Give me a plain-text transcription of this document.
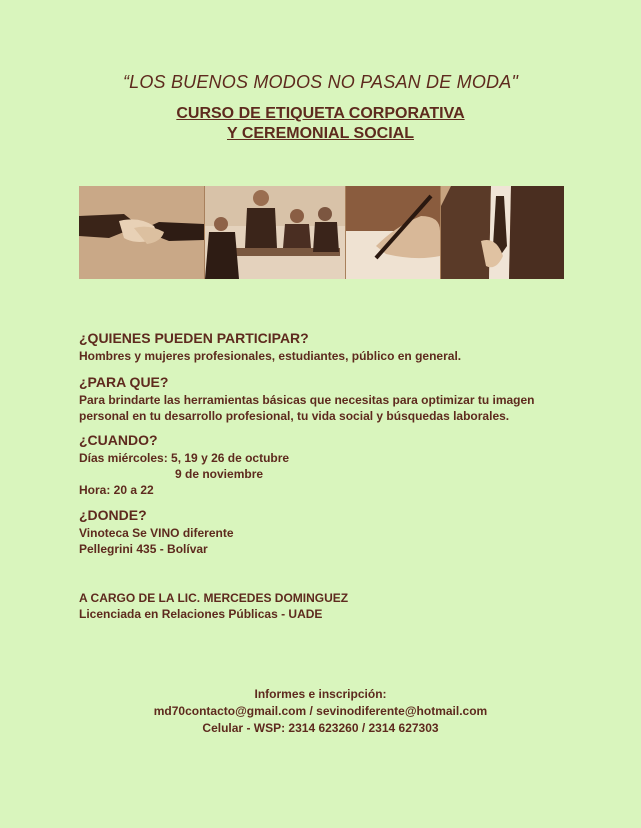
“LOS BUENOS MODOS NO PASAN DE MODA"
CURSO DE ETIQUETA CORPORATIVA
Y CEREMONIAL SOCIAL

¿QUIENES PUEDEN PARTICIPAR?

Hombres y mujeres profesionales, estudiantes, público en general.

¿PARA QUE?

Para brindarte las herramientas básicas que necesitas para optimizar tu imagen

personal en tu desarrollo profesional, tu vida social y búsquedas laborales.

¿CUANDO?

Días miércoles: 5, 19 y 26 de octubre

9 de noviembre

Hora: 20 a 22

¿DONDE?

Vinoteca Se VINO diferente

Pellegrini 435 - Bolívar

A CARGO DE LA LIC. MERCEDES DOMINGUEZ

Licenciada en Relaciones Públicas - UADE

Informes e inscripción:
md70contacto@gmail.com / sevinodiferente@hotmail.com
Celular - WSP: 2314 623260 / 2314 627303
